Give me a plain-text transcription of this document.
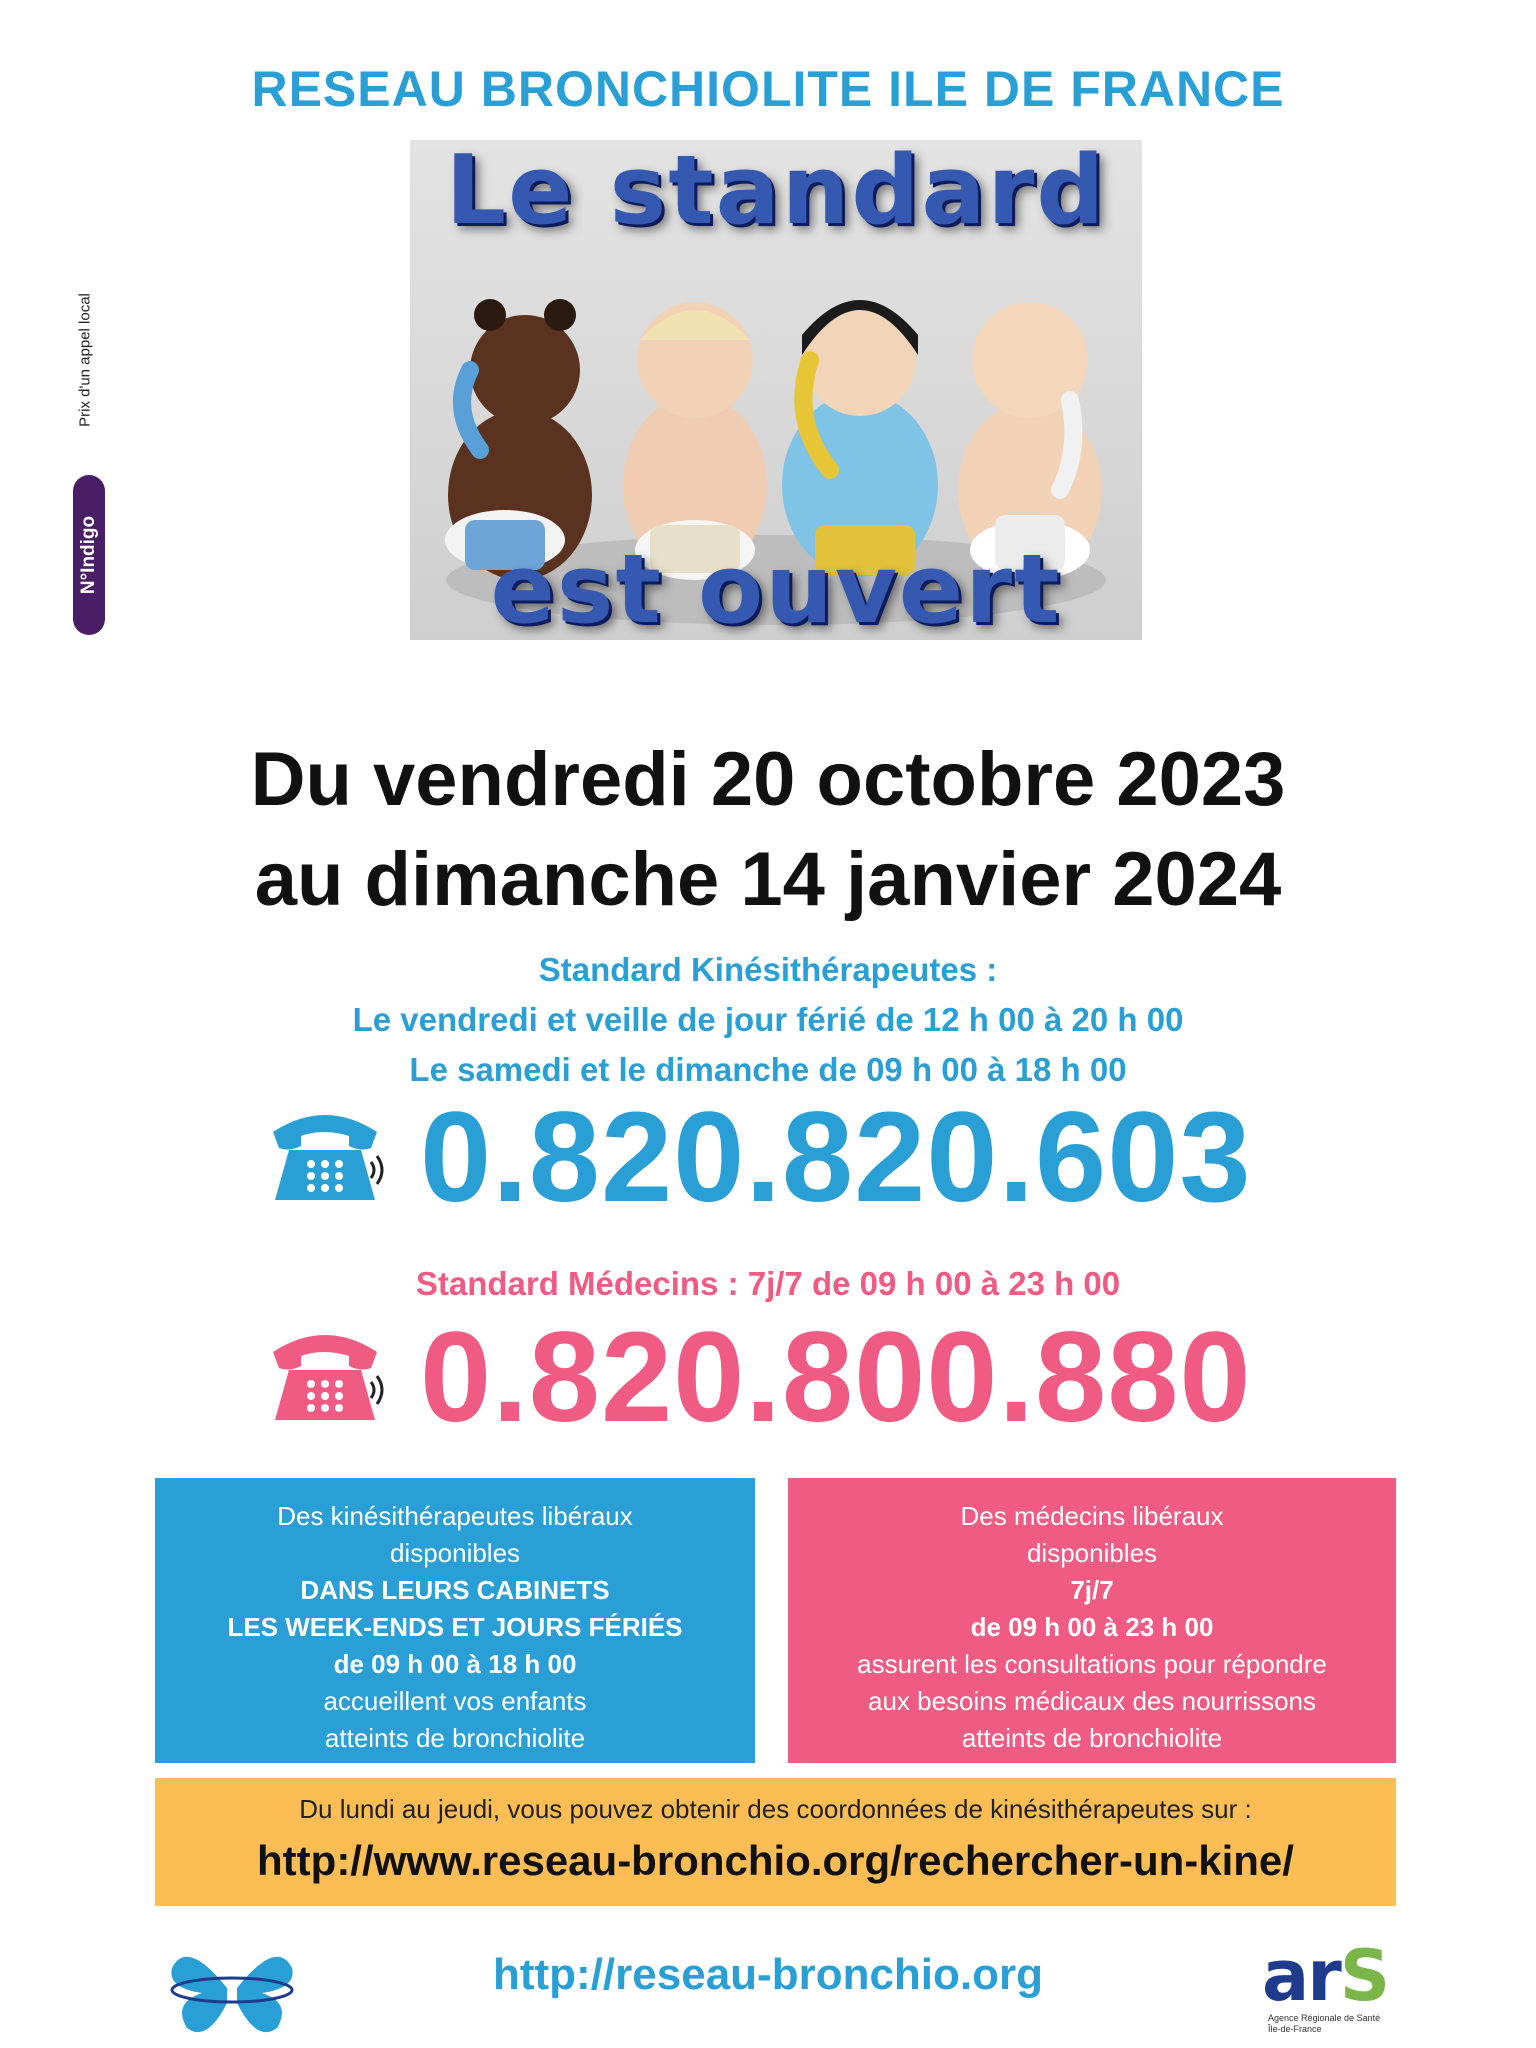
RESEAU BRONCHIOLITE ILE DE FRANCE
Prix d'un appel local
N°Indigo
Le standard
est ouvert
Du vendredi 20 octobre 2023
au dimanche 14 janvier 2024
Standard Kinésithérapeutes :
Le vendredi et veille de jour férié de 12 h 00 à 20 h 00
Le samedi et le dimanche de 09 h 00 à 18 h 00
0.820.820.603
Standard Médecins : 7j/7 de 09 h 00 à 23 h 00
0.820.800.880
Des kinésithérapeutes libéraux
disponibles
DANS LEURS CABINETS
LES WEEK-ENDS ET JOURS FÉRIÉS
de 09 h 00 à 18 h 00
accueillent vos enfants
atteints de bronchiolite
Des médecins libéraux
disponibles
7j/7
de 09 h 00 à 23 h 00
assurent les consultations pour répondre
aux besoins médicaux des nourrissons
atteints de bronchiolite
Du lundi au jeudi, vous pouvez obtenir des coordonnées de kinésithérapeutes sur :
http://www.reseau-bronchio.org/rechercher-un-kine/
http://reseau-bronchio.org	arS
Agence Régionale de Santé
Île-de-France
